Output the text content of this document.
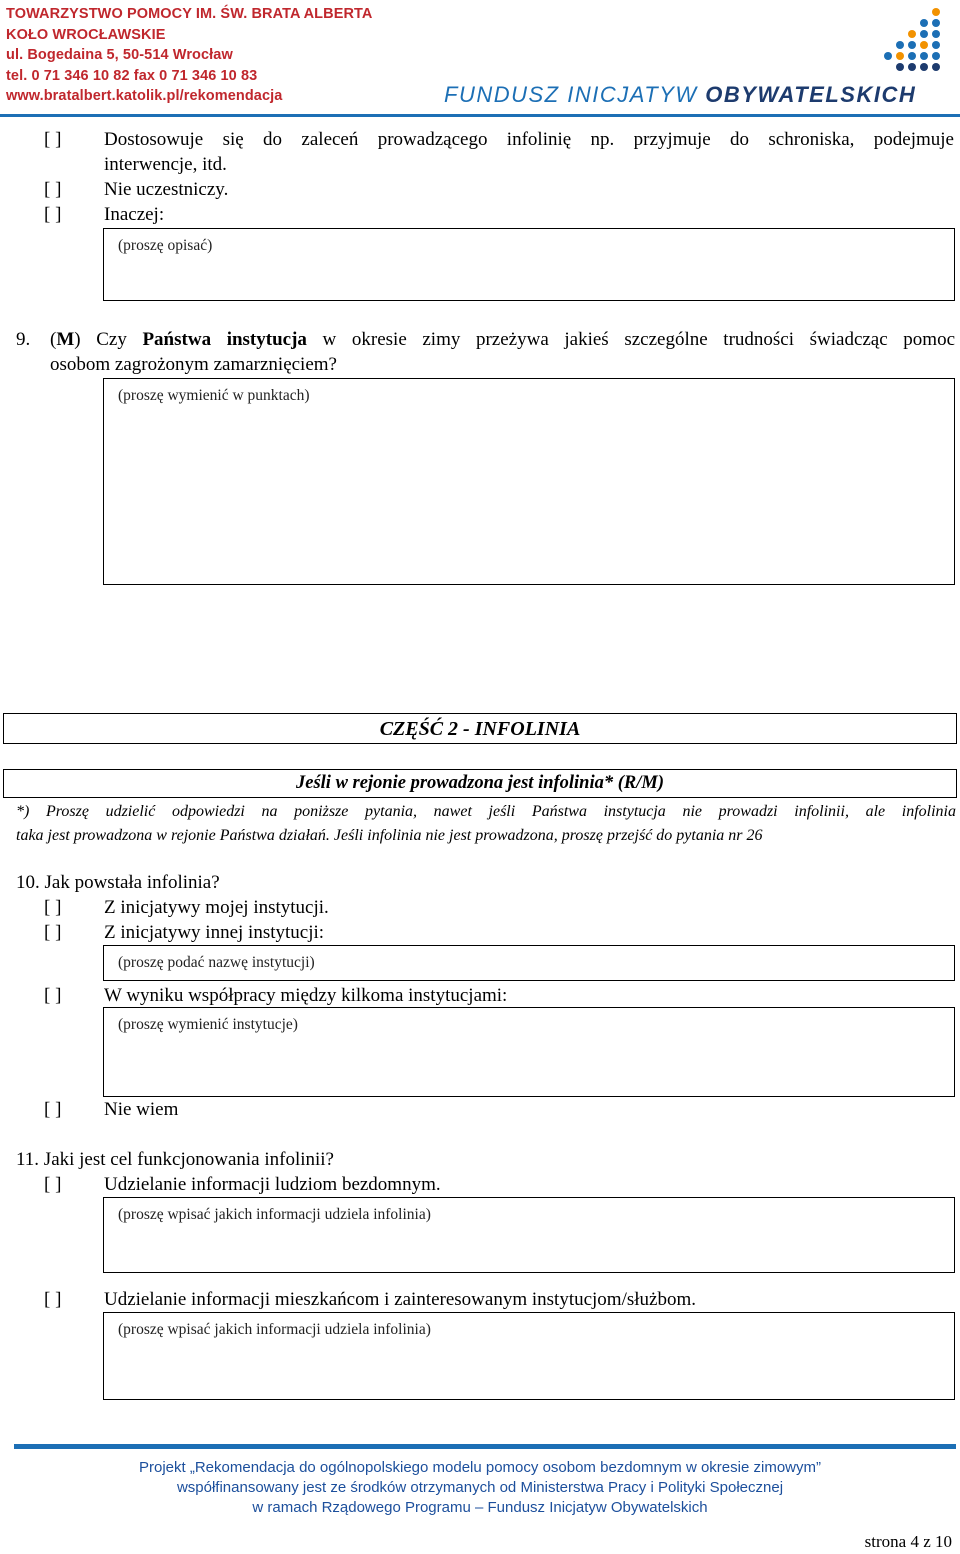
TOWARZYSTWO POMOCY IM. ŚW. BRATA ALBERTA
KOŁO WROCŁAWSKIE
ul. Bogedaina 5, 50-514 Wrocław
tel. 0 71 346 10 82 fax 0 71 346 10 83
www.bratalbert.katolik.pl/rekomendacja	FUNDUSZ INICJATYW OBYWATELSKICH
[ ] Dostosowuje się do zaleceń prowadzącego infolinię np. przyjmuje do schroniska, podejmuje
interwencje, itd.
[ ] Nie uczestniczy.
[ ] Inaczej:
(proszę opisać)
9. (M) Czy Państwa instytucja w okresie zimy przeżywa jakieś szczególne trudności świadcząc pomoc
osobom zagrożonym zamarznięciem?
(proszę wymienić w punktach)
CZĘŚĆ 2 - INFOLINIA
Jeśli w rejonie prowadzona jest infolinia* (R/M)
*) Proszę udzielić odpowiedzi na poniższe pytania, nawet jeśli Państwa instytucja nie prowadzi infolinii, ale infolinia
taka jest prowadzona w rejonie Państwa działań. Jeśli infolinia nie jest prowadzona, proszę przejść do pytania nr 26
10. Jak powstała infolinia?
[ ] Z inicjatywy mojej instytucji.
[ ] Z inicjatywy innej instytucji:
(proszę podać nazwę instytucji)
[ ] W wyniku współpracy między kilkoma instytucjami:
(proszę wymienić instytucje)
[ ] Nie wiem
11. Jaki jest cel funkcjonowania infolinii?
[ ] Udzielanie informacji ludziom bezdomnym.
(proszę wpisać jakich informacji udziela infolinia)
[ ] Udzielanie informacji mieszkańcom i zainteresowanym instytucjom/służbom.
(proszę wpisać jakich informacji udziela infolinia)
Projekt „Rekomendacja do ogólnopolskiego modelu pomocy osobom bezdomnym w okresie zimowym”
współfinansowany jest ze środków otrzymanych od Ministerstwa Pracy i Polityki Społecznej
w ramach Rządowego Programu – Fundusz Inicjatyw Obywatelskich
strona 4 z 10
